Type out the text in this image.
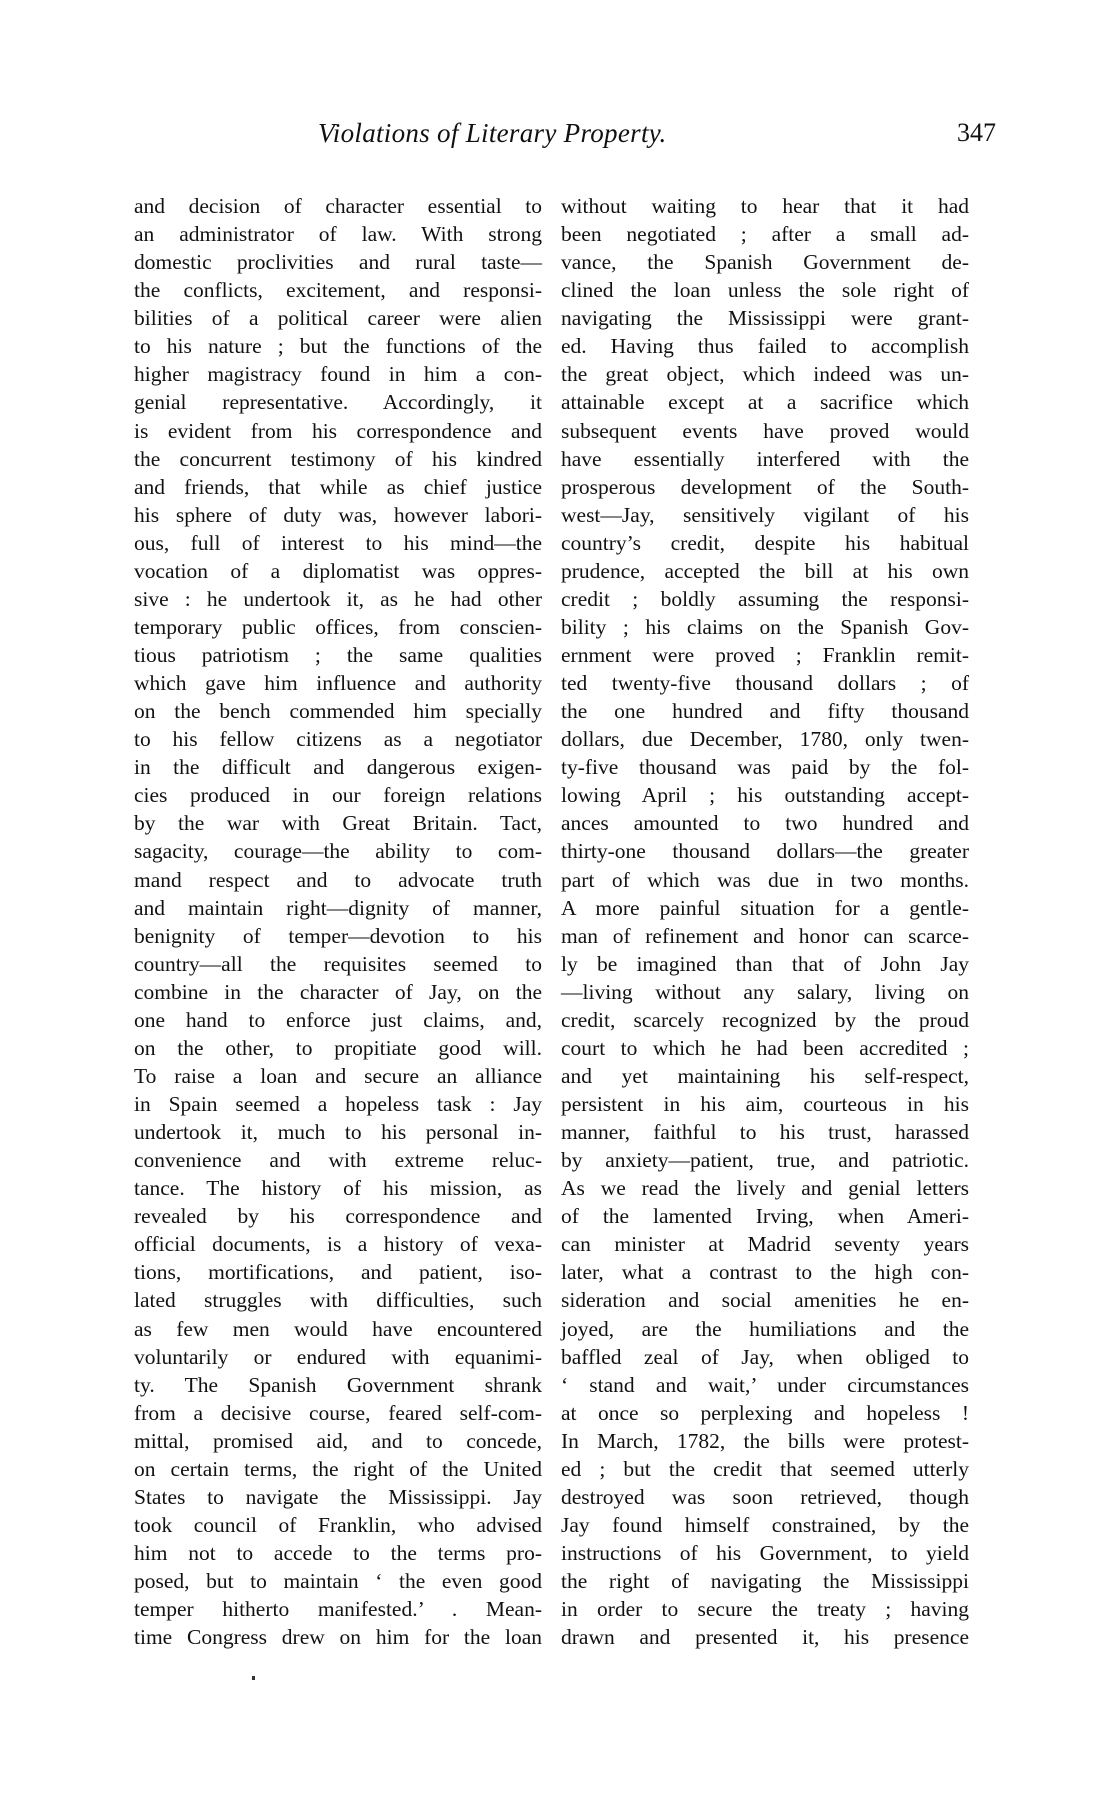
Violations of Literary Property.	347
and decision of character essential to
an administrator of law. With strong
domestic proclivities and rural taste—
the conflicts, excitement, and responsi-
bilities of a political career were alien
to his nature ; but the functions of the
higher magistracy found in him a con-
genial representative. Accordingly, it
is evident from his correspondence and
the concurrent testimony of his kindred
and friends, that while as chief justice
his sphere of duty was, however labori-
ous, full of interest to his mind—the
vocation of a diplomatist was oppres-
sive : he undertook it, as he had other
temporary public offices, from conscien-
tious patriotism ; the same qualities
which gave him influence and authority
on the bench commended him specially
to his fellow citizens as a negotiator
in the difficult and dangerous exigen-
cies produced in our foreign relations
by the war with Great Britain. Tact,
sagacity, courage—the ability to com-
mand respect and to advocate truth
and maintain right—dignity of manner,
benignity of temper—devotion to his
country—all the requisites seemed to
combine in the character of Jay, on the
one hand to enforce just claims, and,
on the other, to propitiate good will.
To raise a loan and secure an alliance
in Spain seemed a hopeless task : Jay
undertook it, much to his personal in-
convenience and with extreme reluc-
tance. The history of his mission, as
revealed by his correspondence and
official documents, is a history of vexa-
tions, mortifications, and patient, iso-
lated struggles with difficulties, such
as few men would have encountered
voluntarily or endured with equanimi-
ty. The Spanish Government shrank
from a decisive course, feared self-com-
mittal, promised aid, and to concede,
on certain terms, the right of the United
States to navigate the Mississippi. Jay
took council of Franklin, who advised
him not to accede to the terms pro-
posed, but to maintain ‘ the even good
temper hitherto manifested.’ . Mean-
time Congress drew on him for the loan
without waiting to hear that it had
been negotiated ; after a small ad-
vance, the Spanish Government de-
clined the loan unless the sole right of
navigating the Mississippi were grant-
ed. Having thus failed to accomplish
the great object, which indeed was un-
attainable except at a sacrifice which
subsequent events have proved would
have essentially interfered with the
prosperous development of the South-
west—Jay, sensitively vigilant of his
country’s credit, despite his habitual
prudence, accepted the bill at his own
credit ; boldly assuming the responsi-
bility ; his claims on the Spanish Gov-
ernment were proved ; Franklin remit-
ted twenty-five thousand dollars ; of
the one hundred and fifty thousand
dollars, due December, 1780, only twen-
ty-five thousand was paid by the fol-
lowing April ; his outstanding accept-
ances amounted to two hundred and
thirty-one thousand dollars—the greater
part of which was due in two months.
A more painful situation for a gentle-
man of refinement and honor can scarce-
ly be imagined than that of John Jay
—living without any salary, living on
credit, scarcely recognized by the proud
court to which he had been accredited ;
and yet maintaining his self-respect,
persistent in his aim, courteous in his
manner, faithful to his trust, harassed
by anxiety—patient, true, and patriotic.
As we read the lively and genial letters
of the lamented Irving, when Ameri-
can minister at Madrid seventy years
later, what a contrast to the high con-
sideration and social amenities he en-
joyed, are the humiliations and the
baffled zeal of Jay, when obliged to
‘ stand and wait,’ under circumstances
at once so perplexing and hopeless !
In March, 1782, the bills were protest-
ed ; but the credit that seemed utterly
destroyed was soon retrieved, though
Jay found himself constrained, by the
instructions of his Government, to yield
the right of navigating the Mississippi
in order to secure the treaty ; having
drawn and presented it, his presence
